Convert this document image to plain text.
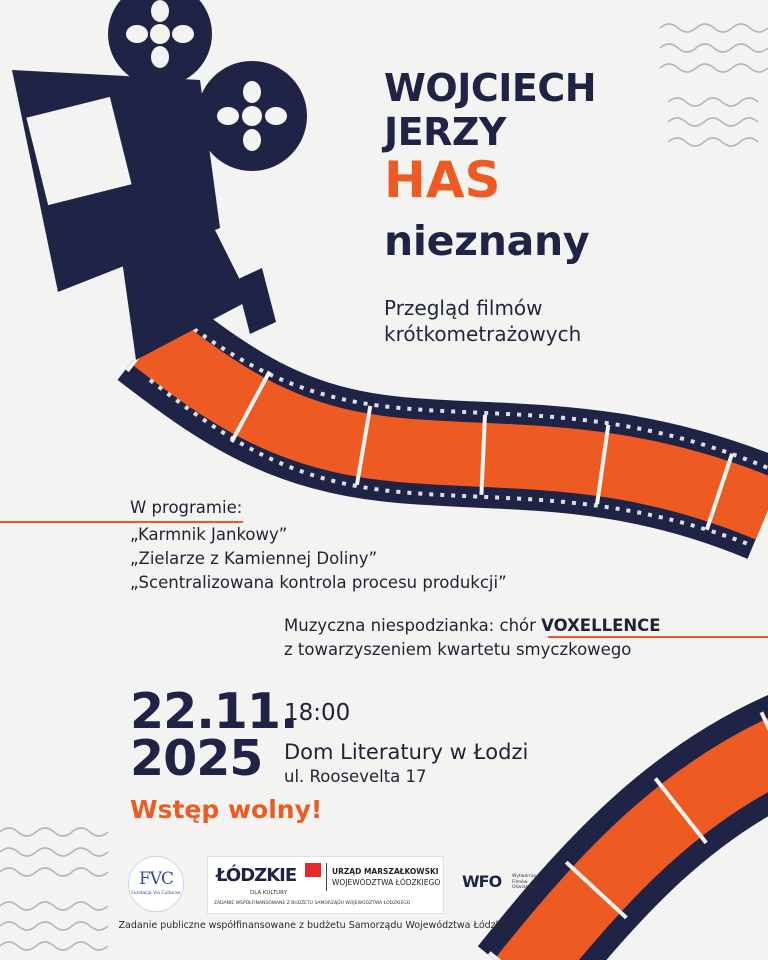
WOJCIECH
JERZY
HAS
nieznany
Przegląd filmów
krótkometrażowych
W programie:
„Karmnik Jankowy”
„Zielarze z Kamiennej Doliny”
„Scentralizowana kontrola procesu produkcji”
Muzyczna niespodzianka: chór VOXELLENCE
z towarzyszeniem kwartetu smyczkowego
22.11.
2025
18:00
Dom Literatury w Łodzi
ul. Roosevelta 17
Wstęp wolny!
FVC
Fundacja Via Culturae
ŁÓDZKIE
DLA KULTURY
URZĄD MARSZAŁKOWSKI
WOJEWÓDZTWA ŁÓDZKIEGO
ZADANIE WSPÓŁFINANSOWANE Z BUDŻETU SAMORZĄDU WOJEWÓDZTWA ŁÓDZKIEGO
WFO Wytwórnia Filmów Oświatowych
Zadanie publiczne współfinansowane z budżetu Samorządu Województwa Łódzkiego
